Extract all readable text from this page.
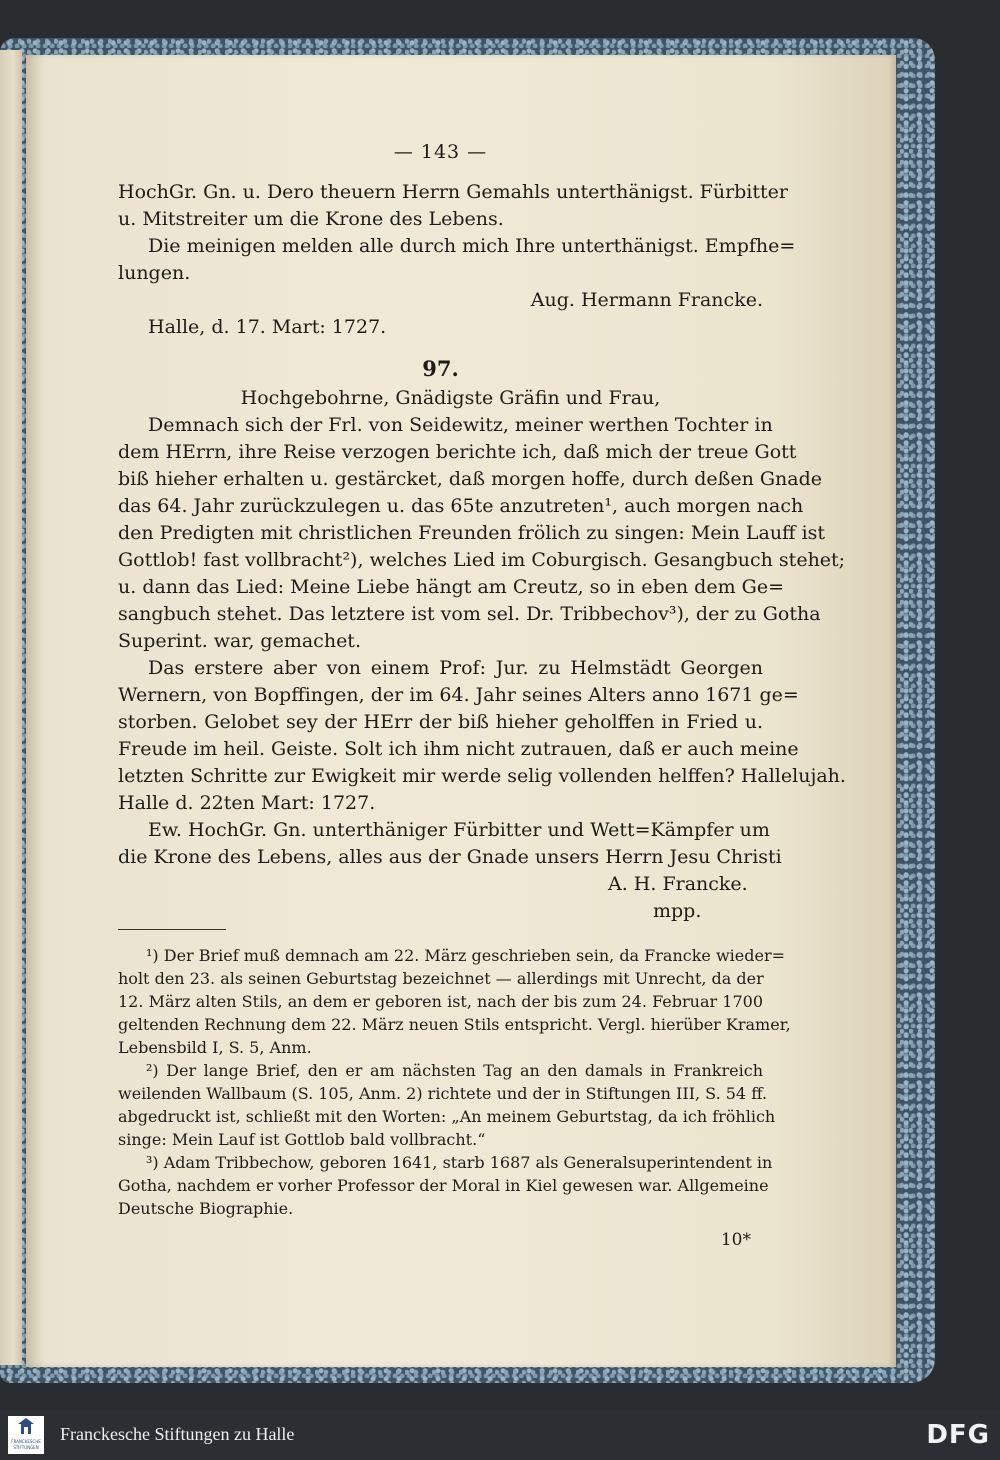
— 143 —
HochGr. Gn. u. Dero theuern Herrn Gemahls unterthänigst. Fürbitter
u. Mitstreiter um die Krone des Lebens.
Die meinigen melden alle durch mich Ihre unterthänigst. Empfhe=
lungen.
Aug. Hermann Francke.
Halle, d. 17. Mart: 1727.
97.
Hochgebohrne, Gnädigste Gräfin und Frau,
Demnach sich der Frl. von Seidewitz, meiner werthen Tochter in
dem HErrn, ihre Reise verzogen berichte ich, daß mich der treue Gott
biß hieher erhalten u. gestärcket, daß morgen hoffe, durch deßen Gnade
das 64. Jahr zurückzulegen u. das 65te anzutreten¹, auch morgen nach
den Predigten mit christlichen Freunden frölich zu singen: Mein Lauff ist
Gottlob! fast vollbracht²), welches Lied im Coburgisch. Gesangbuch stehet;
u. dann das Lied: Meine Liebe hängt am Creutz, so in eben dem Ge=
sangbuch stehet. Das letztere ist vom sel. Dr. Tribbechov³), der zu Gotha
Superint. war, gemachet.
Das erstere aber von einem Prof: Jur. zu Helmstädt Georgen
Wernern, von Bopffingen, der im 64. Jahr seines Alters anno 1671 ge=
storben. Gelobet sey der HErr der biß hieher geholffen in Fried u.
Freude im heil. Geiste. Solt ich ihm nicht zutrauen, daß er auch meine
letzten Schritte zur Ewigkeit mir werde selig vollenden helffen? Hallelujah.
Halle d. 22ten Mart: 1727.
Ew. HochGr. Gn. unterthäniger Fürbitter und Wett=Kämpfer um
die Krone des Lebens, alles aus der Gnade unsers Herrn Jesu Christi
A. H. Francke.
mpp.
¹) Der Brief muß demnach am 22. März geschrieben sein, da Francke wieder=
holt den 23. als seinen Geburtstag bezeichnet — allerdings mit Unrecht, da der
12. März alten Stils, an dem er geboren ist, nach der bis zum 24. Februar 1700
geltenden Rechnung dem 22. März neuen Stils entspricht. Vergl. hierüber Kramer,
Lebensbild I, S. 5, Anm.
²) Der lange Brief, den er am nächsten Tag an den damals in Frankreich
weilenden Wallbaum (S. 105, Anm. 2) richtete und der in Stiftungen III, S. 54 ff.
abgedruckt ist, schließt mit den Worten: „An meinem Geburtstag, da ich fröhlich
singe: Mein Lauf ist Gottlob bald vollbracht.“
³) Adam Tribbechow, geboren 1641, starb 1687 als Generalsuperintendent in
Gotha, nachdem er vorher Professor der Moral in Kiel gewesen war. Allgemeine
Deutsche Biographie.
10*
FRANCKESCHE
STIFTUNGEN
Franckesche Stiftungen zu Halle	DFG
